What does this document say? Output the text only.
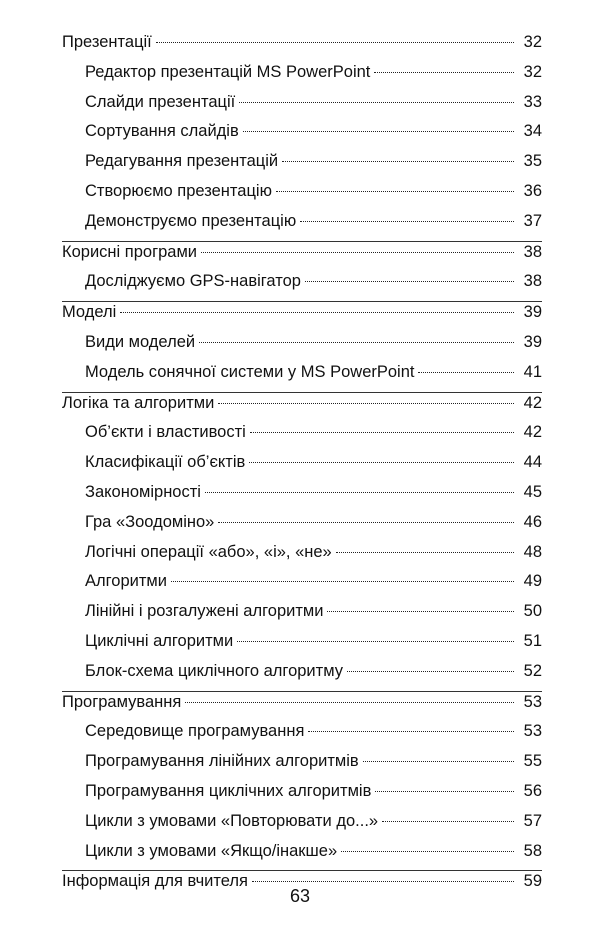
Презентації	32
Редактор презентацій MS PowerPoint	32
Слайди презентації	33
Сортування слайдів	34
Редагування презентацій	35
Створюємо презентацію	36
Демонструємо презентацію	37
Корисні програми	38
Досліджуємо GPS-навігатор	38
Моделі	39
Види моделей	39
Модель сонячної системи у MS PowerPoint	41
Логіка та алгоритми	42
Об’єкти і властивості	42
Класифікації об’єктів	44
Закономірності	45
Гра «Зоодоміно»	46
Логічні операції «або», «і», «не»	48
Алгоритми	49
Лінійні і розгалужені алгоритми	50
Циклічні алгоритми	51
Блок-схема циклічного алгоритму	52
Програмування	53
Середовище програмування	53
Програмування лінійних алгоритмів	55
Програмування циклічних алгоритмів	56
Цикли з умовами «Повторювати до...»	57
Цикли з умовами «Якщо/інакше»	58
Інформація для вчителя	59
63
